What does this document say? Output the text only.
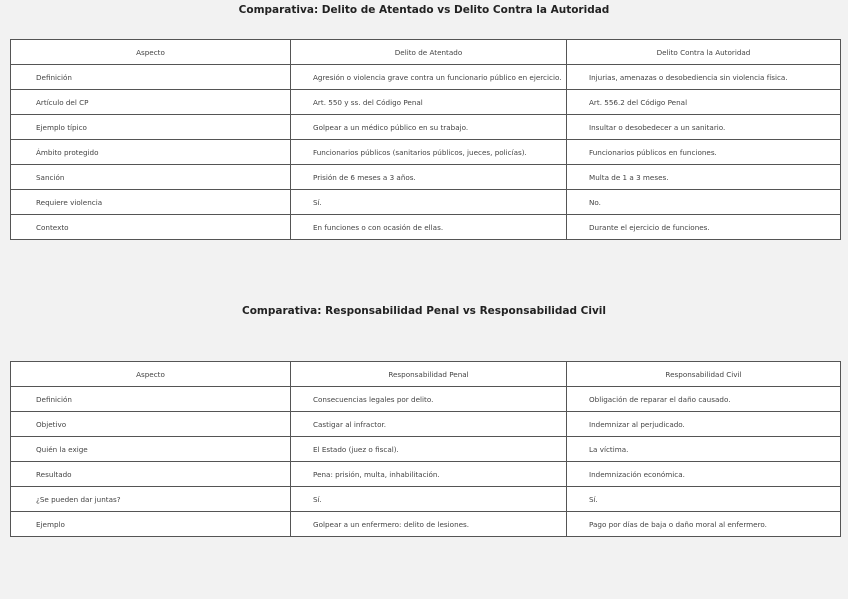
Comparativa: Delito de Atentado vs Delito Contra la Autoridad
Aspecto	Delito de Atentado	Delito Contra la Autoridad
Definición	Agresión o violencia grave contra un funcionario público en ejercicio.	Injurias, amenazas o desobediencia sin violencia física.
Artículo del CP	Art. 550 y ss. del Código Penal	Art. 556.2 del Código Penal
Ejemplo típico	Golpear a un médico público en su trabajo.	Insultar o desobedecer a un sanitario.
Ámbito protegido	Funcionarios públicos (sanitarios públicos, jueces, policías).	Funcionarios públicos en funciones.
Sanción	Prisión de 6 meses a 3 años.	Multa de 1 a 3 meses.
Requiere violencia	Sí.	No.
Contexto	En funciones o con ocasión de ellas.	Durante el ejercicio de funciones.
Comparativa: Responsabilidad Penal vs Responsabilidad Civil
Aspecto	Responsabilidad Penal	Responsabilidad Civil
Definición	Consecuencias legales por delito.	Obligación de reparar el daño causado.
Objetivo	Castigar al infractor.	Indemnizar al perjudicado.
Quién la exige	El Estado (juez o fiscal).	La víctima.
Resultado	Pena: prisión, multa, inhabilitación.	Indemnización económica.
¿Se pueden dar juntas?	Sí.	Sí.
Ejemplo	Golpear a un enfermero: delito de lesiones.	Pago por días de baja o daño moral al enfermero.
